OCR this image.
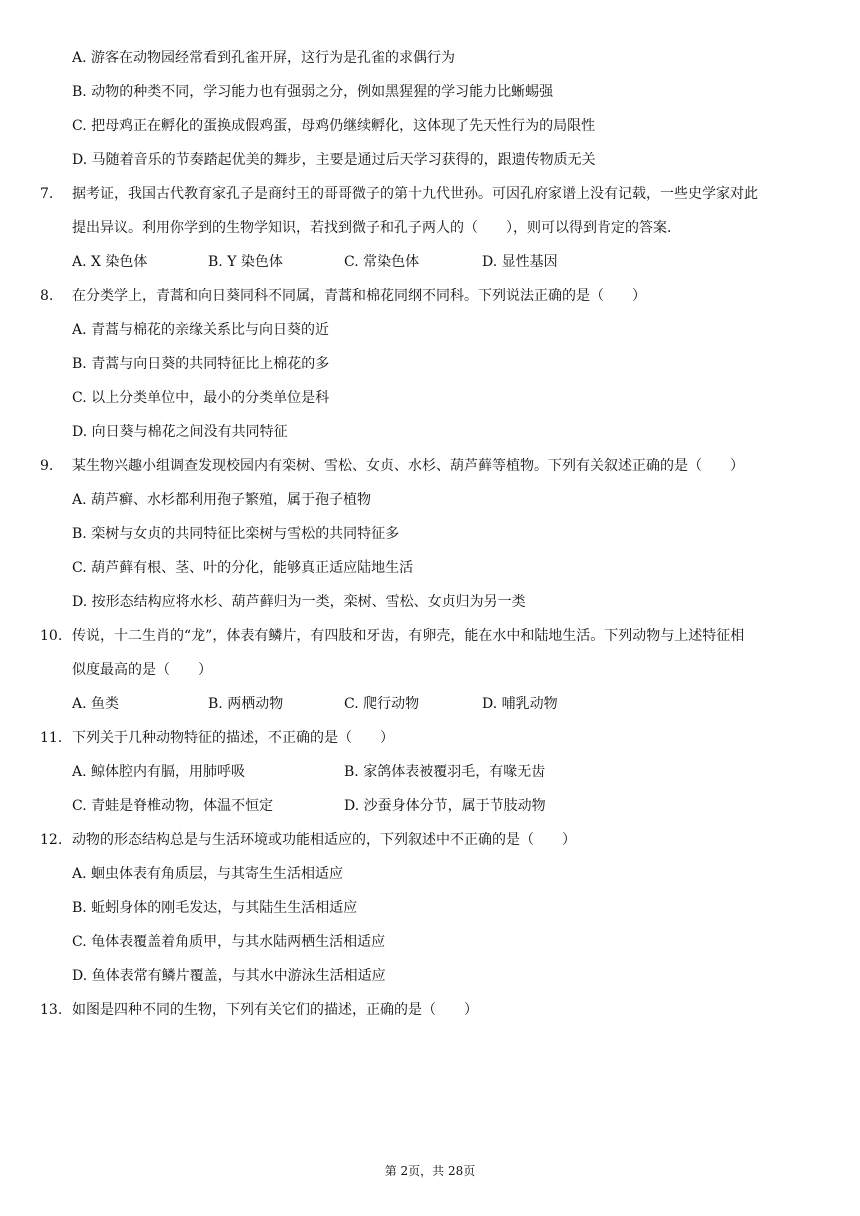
A. 游客在动物园经常看到孔雀开屏，这行为是孔雀的求偶行为
B. 动物的种类不同，学习能力也有强弱之分，例如黑猩猩的学习能力比蜥蜴强
C. 把母鸡正在孵化的蛋换成假鸡蛋，母鸡仍继续孵化，这体现了先天性行为的局限性
D. 马随着音乐的节奏踏起优美的舞步，主要是通过后天学习获得的，跟遗传物质无关
7. 据考证，我国古代教育家孔子是商纣王的哥哥微子的第十九代世孙。可因孔府家谱上没有记载，一些史学家对此
提出异议。利用你学到的生物学知识，若找到微子和孔子两人的（　　），则可以得到肯定的答案.
A. X 染色体	B. Y 染色体	C. 常染色体	D. 显性基因
8. 在分类学上，青蒿和向日葵同科不同属，青蒿和棉花同纲不同科。下列说法正确的是（　　）
A. 青蒿与棉花的亲缘关系比与向日葵的近
B. 青蒿与向日葵的共同特征比上棉花的多
C. 以上分类单位中，最小的分类单位是科
D. 向日葵与棉花之间没有共同特征
9. 某生物兴趣小组调查发现校园内有栾树、雪松、女贞、水杉、葫芦藓等植物。下列有关叙述正确的是（　　）
A. 葫芦癣、水杉都利用孢子繁殖，属于孢子植物
B. 栾树与女贞的共同特征比栾树与雪松的共同特征多
C. 葫芦藓有根、茎、叶的分化，能够真正适应陆地生活
D. 按形态结构应将水杉、葫芦藓归为一类，栾树、雪松、女贞归为另一类
10. 传说，十二生肖的“龙”，体表有鳞片，有四肢和牙齿，有卵壳，能在水中和陆地生活。下列动物与上述特征相
似度最高的是（　　）
A. 鱼类	B. 两栖动物	C. 爬行动物	D. 哺乳动物
11. 下列关于几种动物特征的描述，不正确的是（　　）
A. 鲸体腔内有膈，用肺呼吸	B. 家鸽体表被覆羽毛，有喙无齿
C. 青蛙是脊椎动物，体温不恒定	D. 沙蚕身体分节，属于节肢动物
12. 动物的形态结构总是与生活环境或功能相适应的，下列叙述中不正确的是（　　）
A. 蛔虫体表有角质层，与其寄生生活相适应
B. 蚯蚓身体的刚毛发达，与其陆生生活相适应
C. 龟体表覆盖着角质甲，与其水陆两栖生活相适应
D. 鱼体表常有鳞片覆盖，与其水中游泳生活相适应
13. 如图是四种不同的生物，下列有关它们的描述，正确的是（　　）
第 2页，共 28页
